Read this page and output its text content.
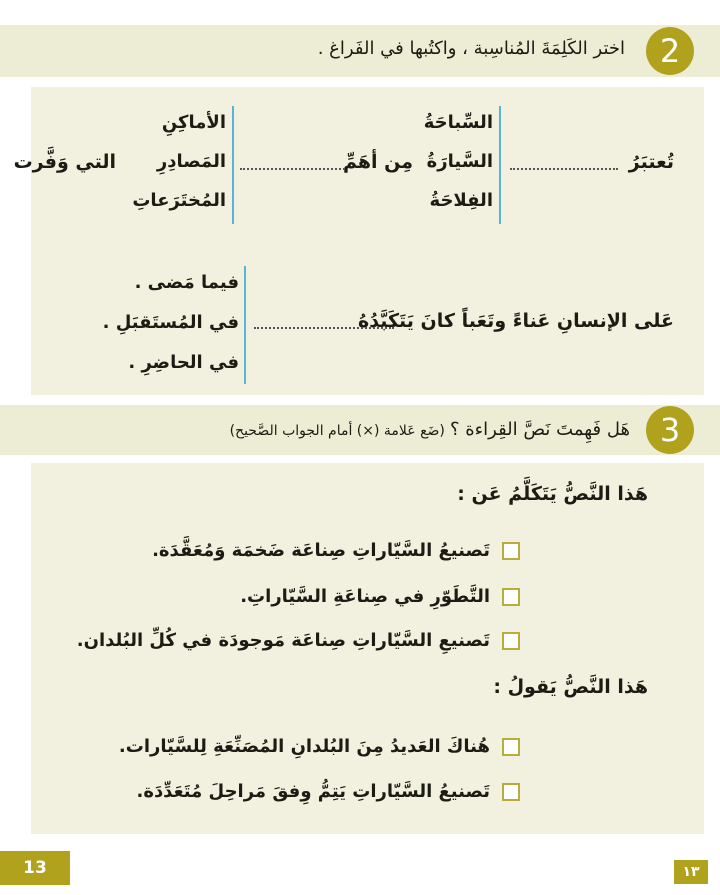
2
اختر الكَلِمَةَ المُناسِبة ، واكتُبها في الفَراغ .
تُعتبَرُ
السِّباحَةُ
السَّيارَةُ
الفِلاحَةُ
مِن أهَمِّ
الأماكِنِ
المَصادِرِ
المُختَرَعاتِ
التي وَفَّرت
عَلى الإنسانِ عَناءً وتَعَباً كانَ يَتَكَبَّدُهُ
فيما مَضى .
في المُستَقبَلِ .
في الحاضِرِ .
3
هَل فَهِمتَ نَصَّ القِراءة ؟ (ضَع عَلامة (×) أمام الجواب الصَّحيح)
هَذا النَّصُّ يَتَكَلَّمُ عَن :
تَصنيعُ السَّيّاراتِ صِناعَة ضَخمَة وَمُعَقَّدَة.
التَّطَوّرِ في صِناعَةِ السَّيّاراتِ.
تَصنيعِ السَّيّاراتِ صِناعَة مَوجودَة في كُلِّ البُلدان.
هَذا النَّصُّ يَقولُ :
هُناكَ العَديدُ مِنَ البُلدانِ المُصَنِّعَةِ لِلسَّيّارات.
تَصنيعُ السَّيّاراتِ يَتِمُّ وِفقَ مَراحِلَ مُتَعَدِّدَة.
13	١٣
